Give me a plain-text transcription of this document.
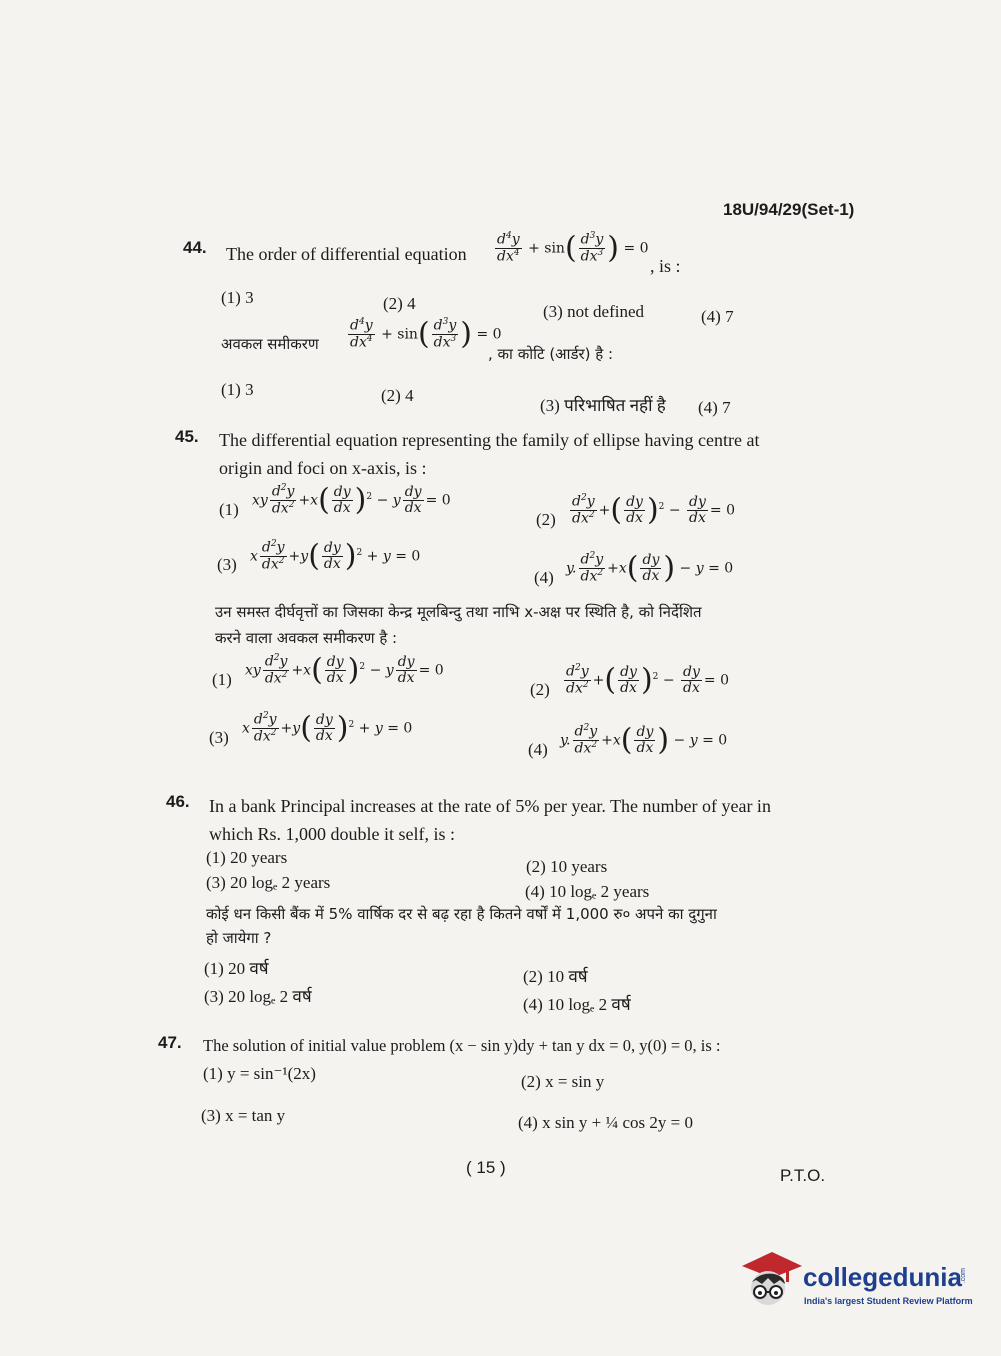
18U/94/29(Set-1)
44. The order of differential equation $\frac{d^4y}{dx^4} + \sin( \frac{d^3y}{dx^3}$ ) = 0
, is :
(1) 3	(2) 4	(3) not defined	(4) 7
अवकल समीकरण $\frac{d^4y}{dx^4} + \sin( \frac{d^3y}{dx^3}$ ) = 0
, का कोटि (आर्डर) है :
(1) 3	(2) 4
(3) परिभाषित नहीं है (4) 7
45. The differential equation representing the family of ellipse having centre at
origin and foci on x-axis, is :
(1) xy $\frac{d^2y}{dx^2} +x( \frac{dy}{dx} )^2 - y \frac{dy}{dx} = 0$
$(2) \frac{d^2y}{dx^2}$ +( $\frac{dy}{dx} )^2 - \frac{dy}{dx} = 0$
(3) x $\frac{d^2y}{dx^2} +y( \frac{dy}{dx} )^2 + y = 0$
(4) y. $\frac{d^2y}{dx^2} +x( \frac{dy}{dx}$ ) − y = 0
उन समस्त दीर्घवृत्तों का जिसका केन्द्र मूलबिन्दु तथा नाभि x-अक्ष पर स्थिति है, को निर्देशित
करने वाला अवकल समीकरण है :
(1) xy $\frac{d^2y}{dx^2} +x( \frac{dy}{dx} )^2 - y \frac{dy}{dx} = 0$
$(2) \frac{d^2y}{dx^2}$ +( $\frac{dy}{dx} )^2 - \frac{dy}{dx} = 0$
(3) x $\frac{d^2y}{dx^2} +y( \frac{dy}{dx} )^2 + y = 0$
(4) y. $\frac{d^2y}{dx^2} +x( \frac{dy}{dx}$ ) − y = 0
46. In a bank Principal increases at the rate of 5% per year. The number of year in
which Rs. 1,000 double it self, is :
(1) 20 years	(2) 10 years
(3) 20 logₑ 2 years	(4) 10 logₑ 2 years
कोई धन किसी बैंक में 5% वार्षिक दर से बढ़ रहा है कितने वर्षों में 1,000 रु० अपने का दुगुना
हो जायेगा ?
(1) 20 वर्ष	(2) 10 वर्ष
(3) 20 logₑ 2 वर्ष	(4) 10 logₑ 2 वर्ष
47. The solution of initial value problem (x − sin y)dy + tan y dx = 0, y(0) = 0, is :
(1) y = sin⁻¹(2x)	(2) x = sin y
(3) x = tan y	(4) x sin y + ¼ cos 2y = 0
( 15 )	P.T.O.
collegedunia
.com
India's largest Student Review Platform
